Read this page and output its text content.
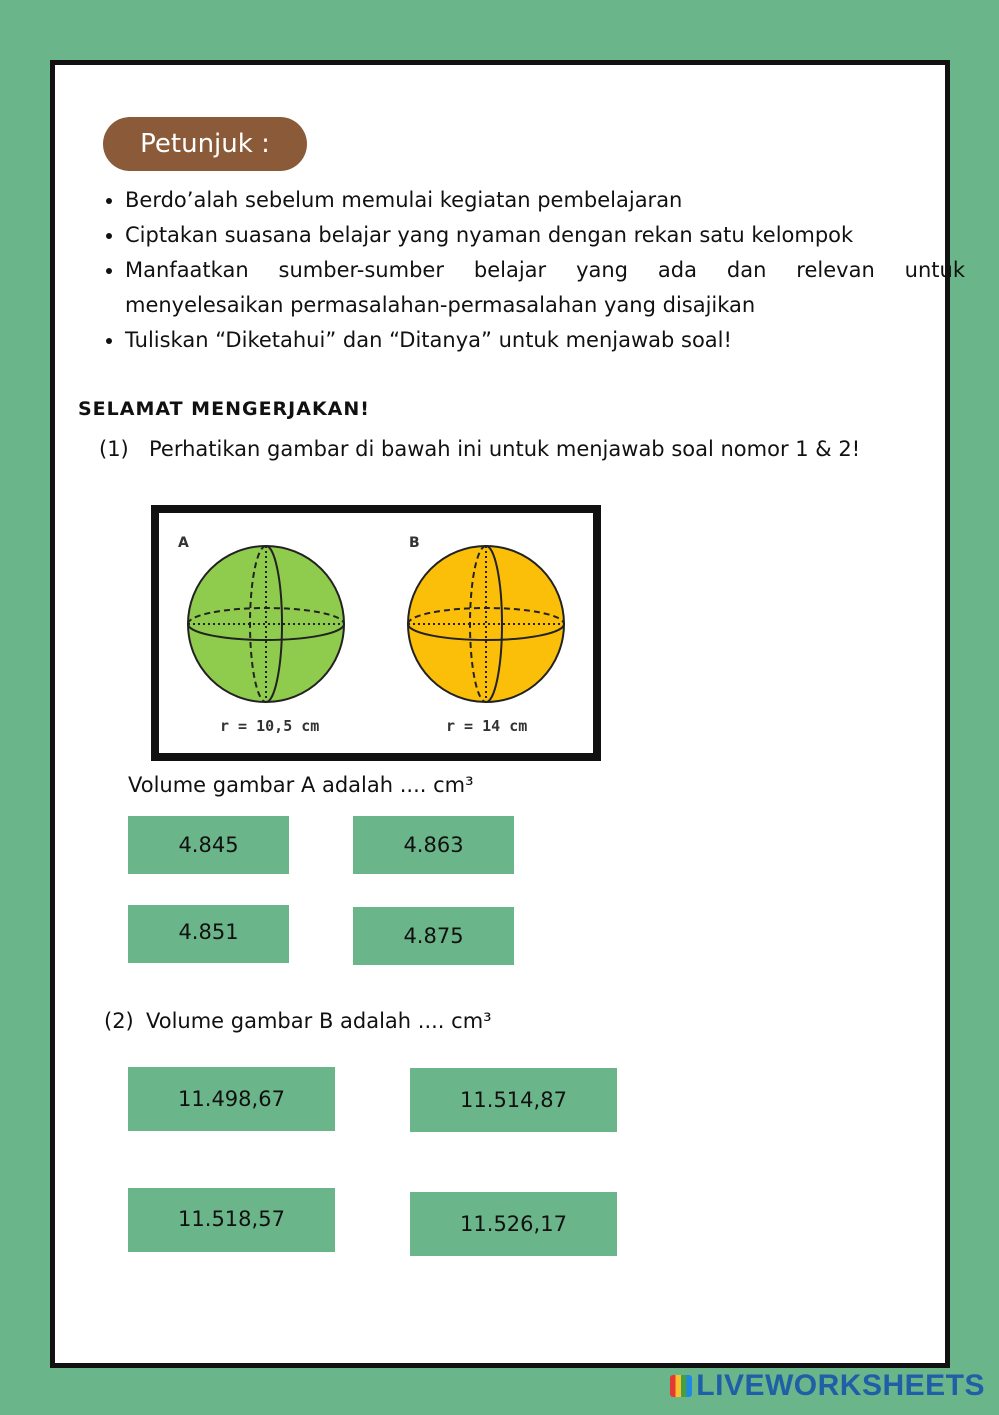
Petunjuk :
• Berdo’alah sebelum memulai kegiatan pembelajaran
• Ciptakan suasana belajar yang nyaman dengan rekan satu kelompok
• Manfaatkan sumber-sumber belajar yang ada dan relevan untuk menyelesaikan permasalahan-permasalahan yang disajikan
• Tuliskan “Diketahui” dan “Ditanya” untuk menjawab soal!
SELAMAT MENGERJAKAN!
(1) Perhatikan gambar di bawah ini untuk menjawab soal nomor 1 & 2!
A
r = 10,5 cm
B
r = 14 cm
Volume gambar A adalah .... cm³
4.845	4.863
4.851	4.875
(2) Volume gambar B adalah .... cm³
11.498,67	11.514,87
11.518,57	11.526,17
LIVEWORKSHEETS
